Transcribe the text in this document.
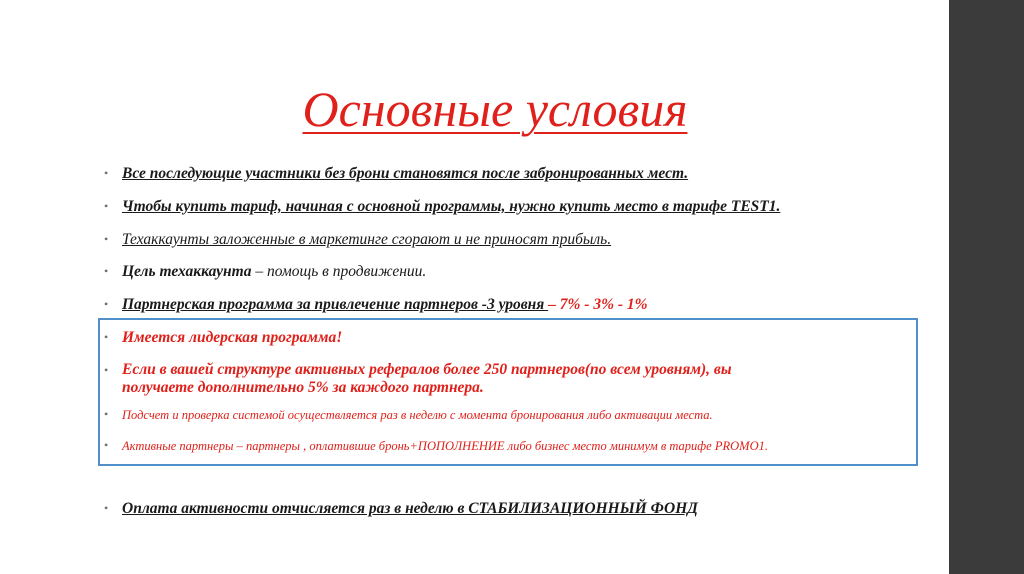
Основные условия
• Все последующие участники без брони становятся после забронированных мест.
• Чтобы купить тариф, начиная с основной программы, нужно купить место в тарифе TEST1.
• Техаккаунты заложенные в маркетинге сгорают и не приносят прибыль.
• Цель техаккаунта – помощь в продвижении.
• Партнерская программа за привлечение партнеров -3 уровня – 7% - 3% - 1%
• Имеется лидерская программа!
• Если в вашей структуре активных рефералов более 250 партнеров(по всем уровням), вы
получаете дополнительно 5% за каждого партнера.
• Подсчет и проверка системой осуществляется раз в неделю с момента бронирования либо активации места.
• Активные партнеры – партнеры , оплатившие бронь+ПОПОЛНЕНИЕ либо бизнес место минимум в тарифе PROMO1.
• Оплата активности отчисляется раз в неделю в СТАБИЛИЗАЦИОННЫЙ ФОНД
